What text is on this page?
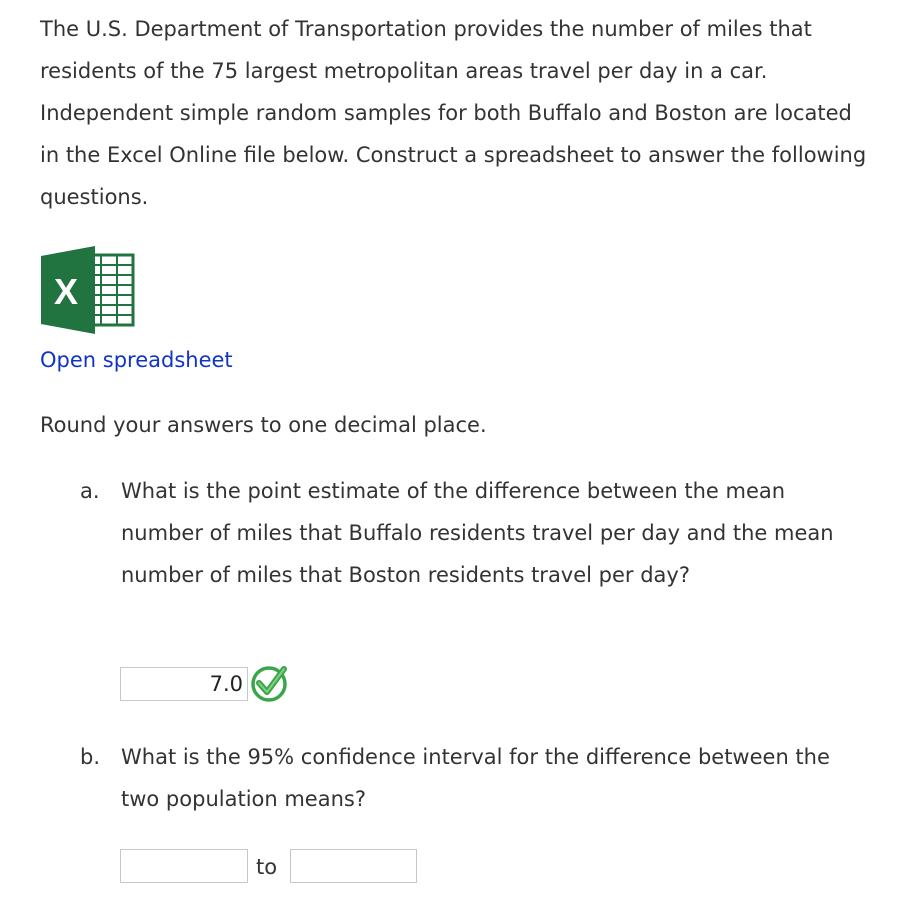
The U.S. Department of Transportation provides the number of miles that residents of the 75 largest metropolitan areas travel per day in a car. Independent simple random samples for both Buffalo and Boston are located in the Excel Online file below. Construct a spreadsheet to answer the following questions.

X
Open spreadsheet

Round your answers to one decimal place.

a. What is the point estimate of the difference between the mean number of miles that Buffalo residents travel per day and the mean number of miles that Boston residents travel per day?
7.0
b. What is the 95% confidence interval for the difference between the two population means?
to
